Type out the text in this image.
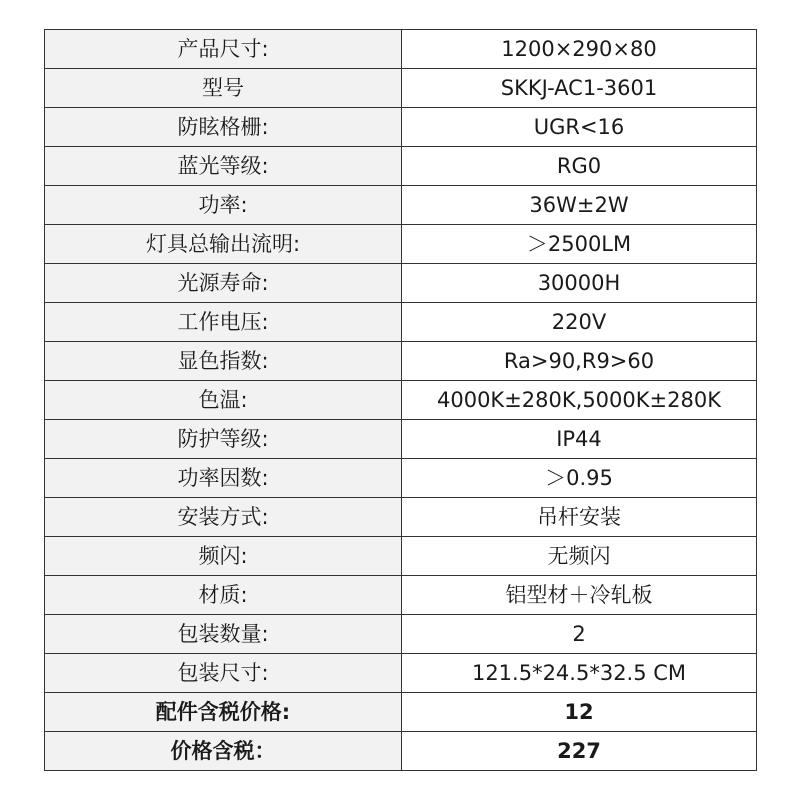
产品尺寸:	1200×290×80
型号	SKKJ-AC1-3601
防眩格栅:	UGR<16
蓝光等级:	RG0
功率:	36W±2W
灯具总输出流明:	＞2500LM
光源寿命:	30000H
工作电压:	220V
显色指数:	Ra>90,R9>60
色温:	4000K±280K,5000K±280K
防护等级:	IP44
功率因数:	＞0.95
安装方式:	吊杆安装
频闪:	无频闪
材质:	铝型材＋冷轧板
包装数量:	2
包装尺寸:	121.5*24.5*32.5 CM
配件含税价格:	12
价格含税：	227
